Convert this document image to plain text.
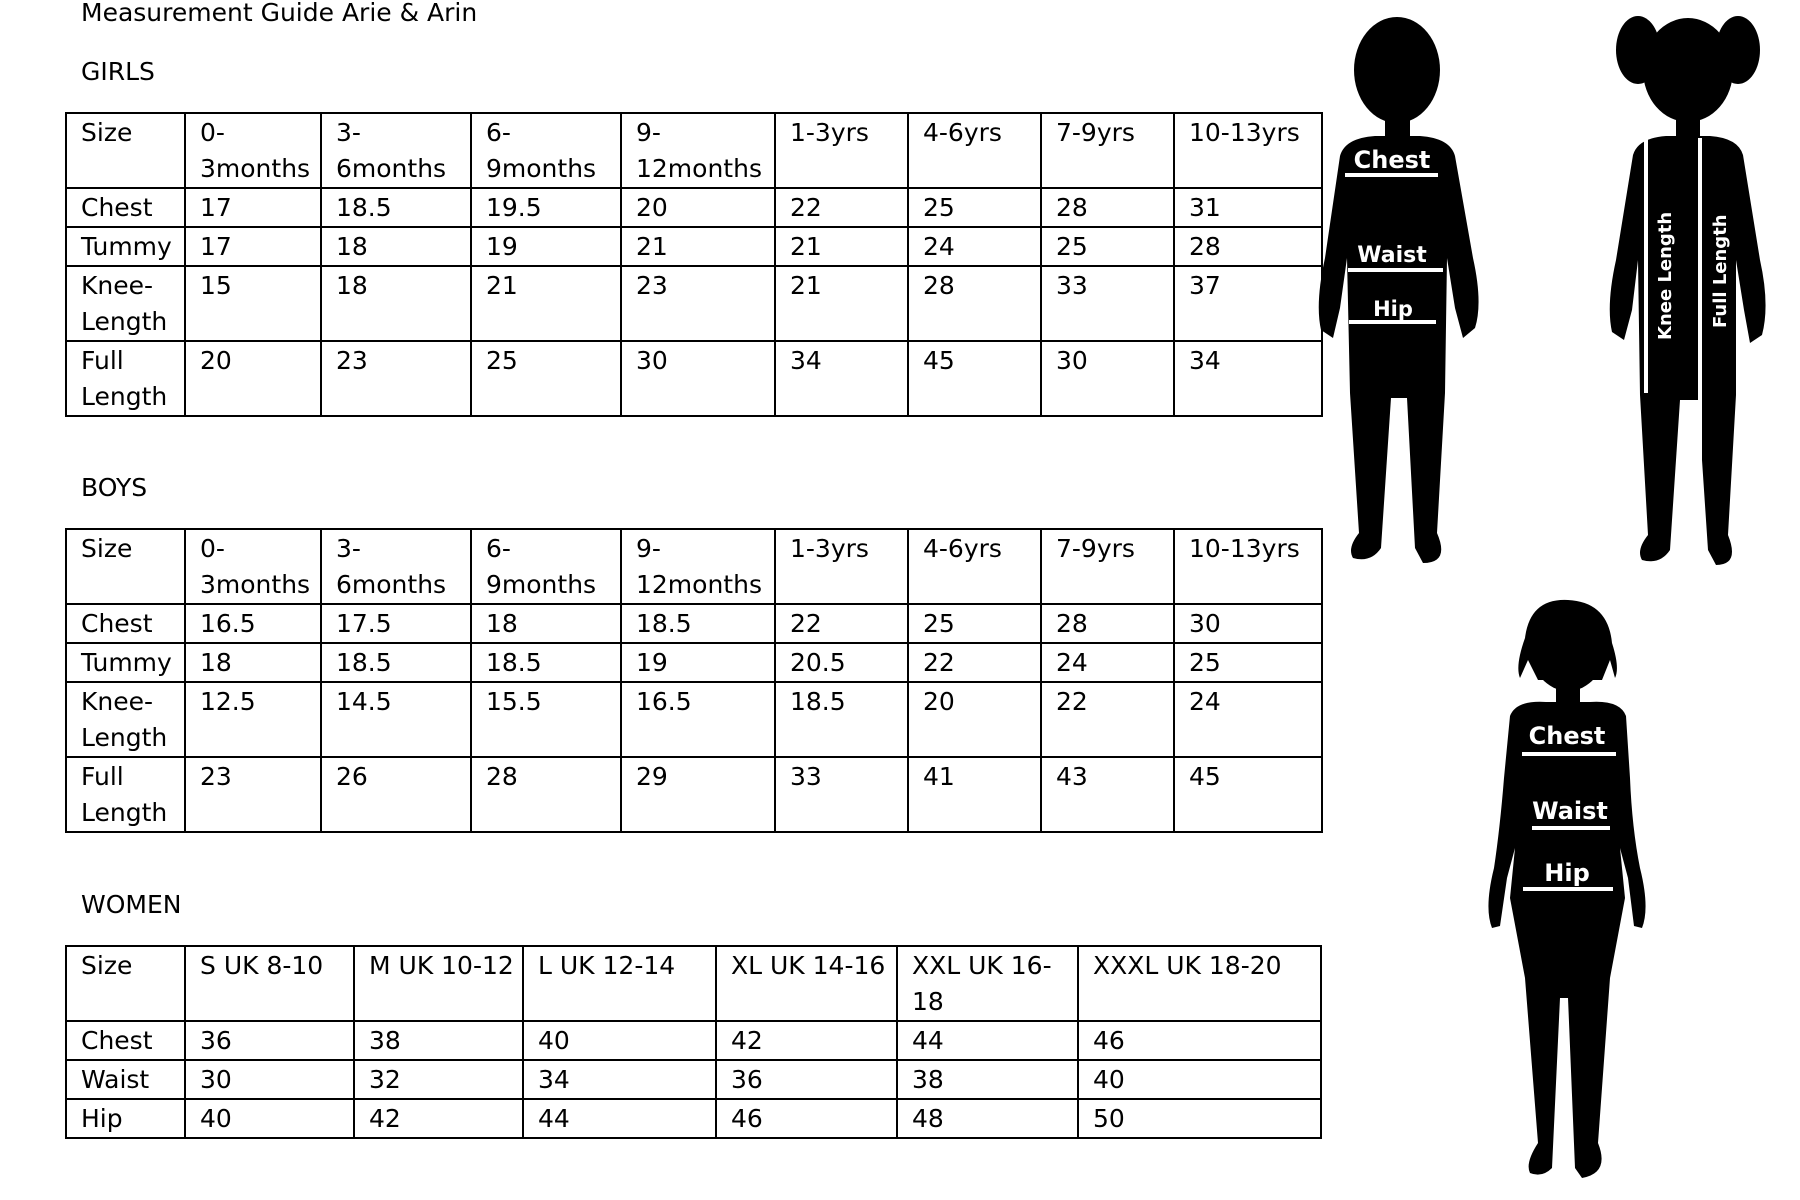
Measurement Guide Arie & Arin
GIRLS
Size	0-3months	3-6months	6-9months	9-12months	1-3yrs	4-6yrs	7-9yrs	10-13yrs
Chest	17	18.5	19.5	20	22	25	28	31
Tummy	17	18	19	21	21	24	25	28
Knee-Length	15	18	21	23	21	28	33	37
Full Length	20	23	25	30	34	45	30	34
BOYS
Size	0-3months	3-6months	6-9months	9-12months	1-3yrs	4-6yrs	7-9yrs	10-13yrs
Chest	16.5	17.5	18	18.5	22	25	28	30
Tummy	18	18.5	18.5	19	20.5	22	24	25
Knee-Length	12.5	14.5	15.5	16.5	18.5	20	22	24
Full Length	23	26	28	29	33	41	43	45
WOMEN
Size	S UK 8-10	M UK 10-12	L UK 12-14	XL UK 14-16	XXL UK 16-18	XXXL UK 18-20
Chest	36	38	40	42	44	46
Waist	30	32	34	36	38	40
Hip	40	42	44	46	48	50
Chest
Waist
Hip	Knee Length Full Length
Chest
Waist
Hip
